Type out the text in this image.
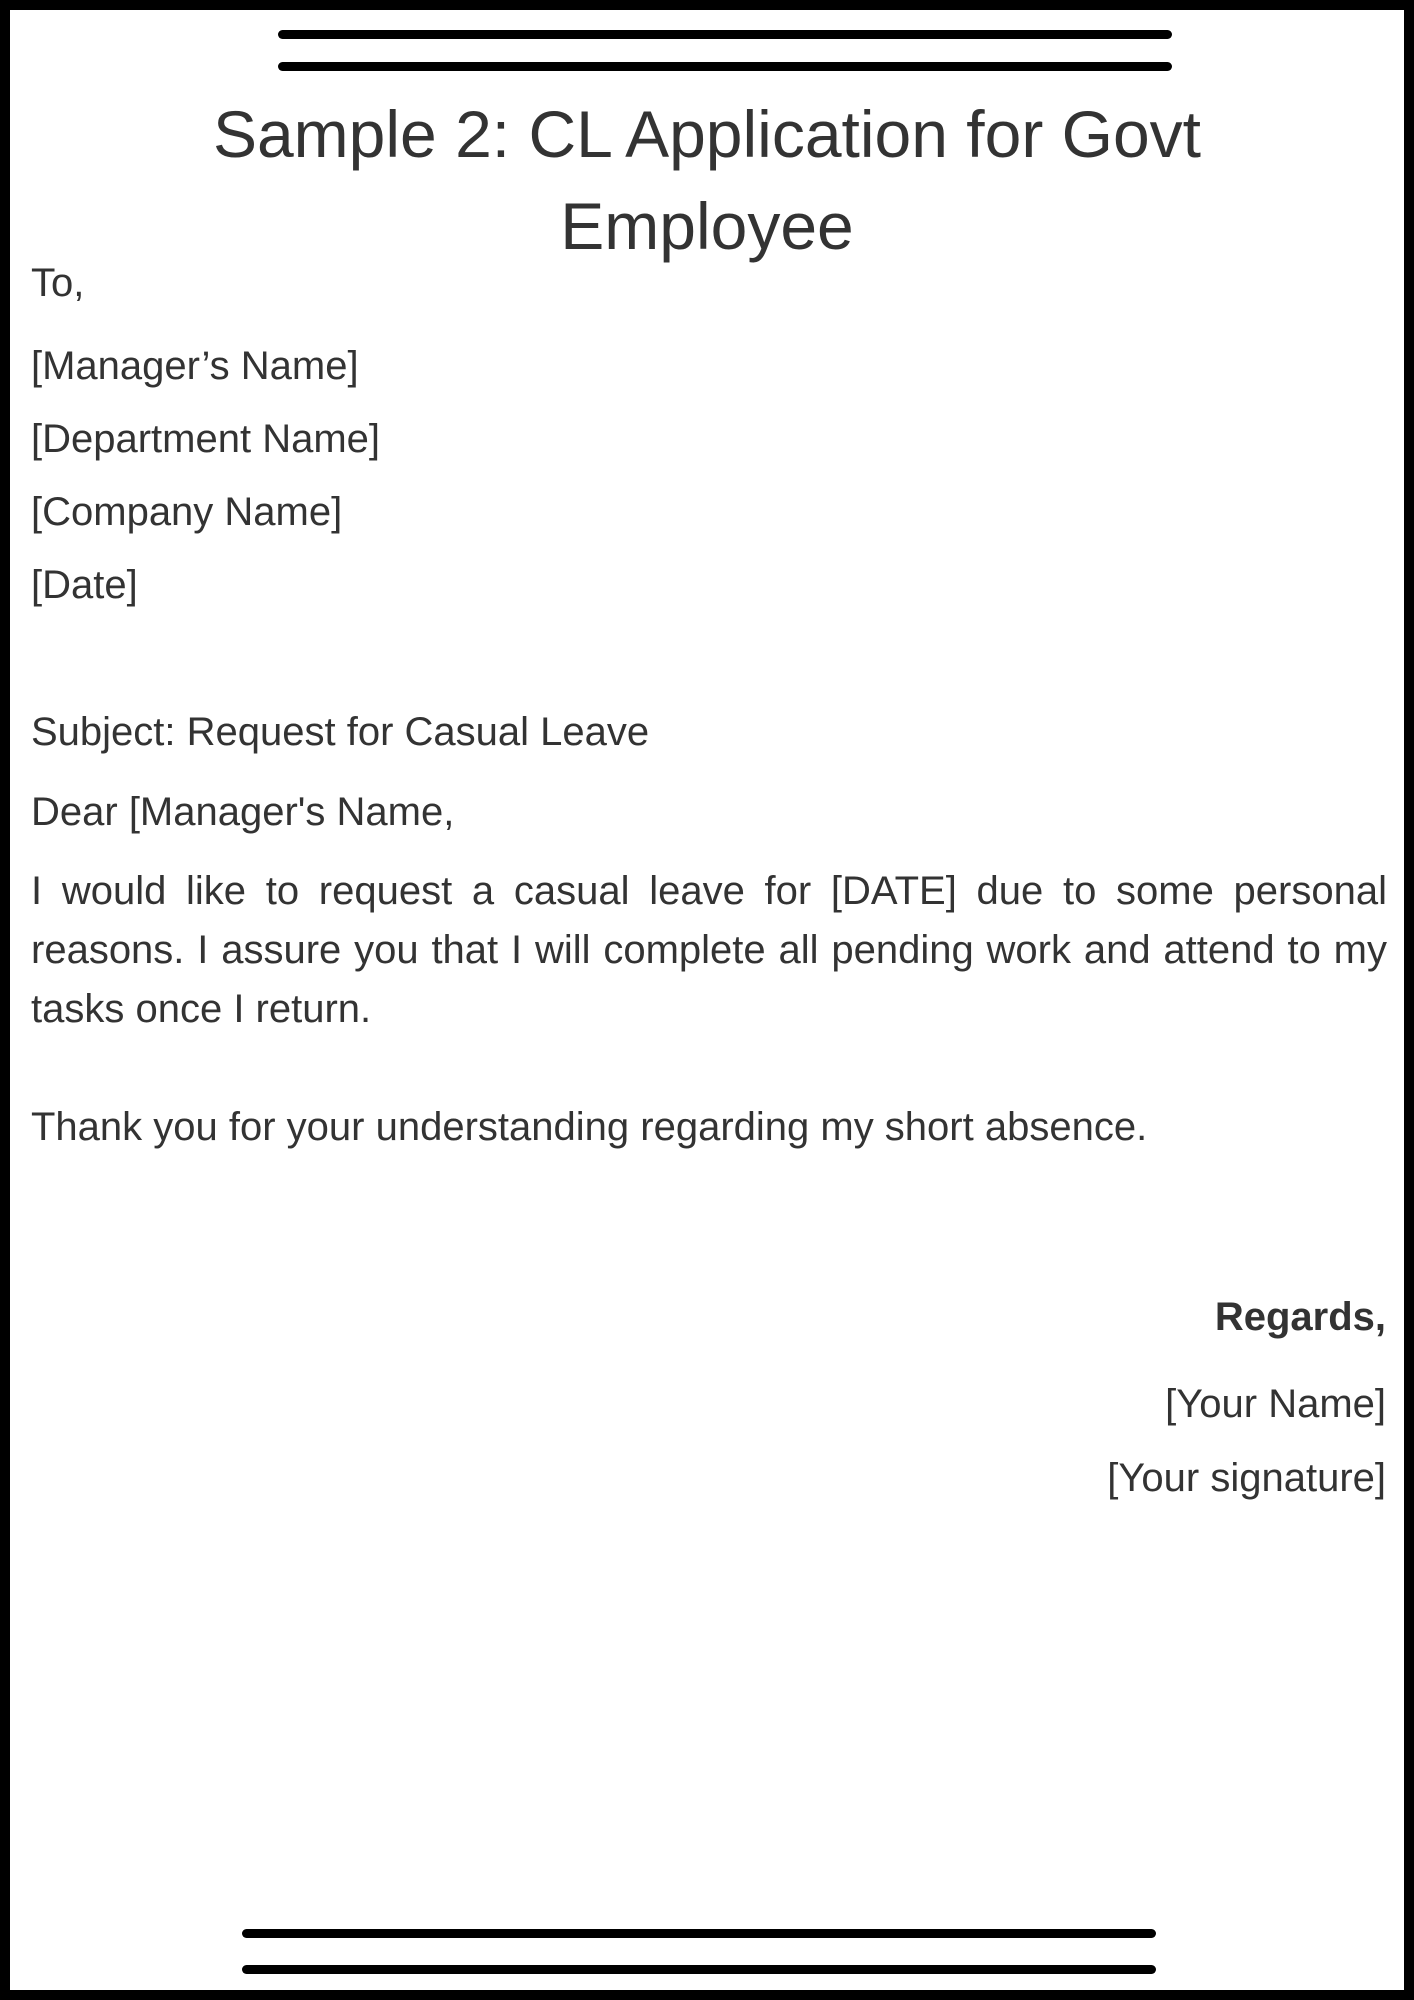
Sample 2: CL Application for Govt Employee
To,
[Manager’s Name]
[Department Name]
[Company Name]
[Date]
Subject: Request for Casual Leave
Dear [Manager's Name,
I would like to request a casual leave for [DATE] due to some personal reasons. I assure you that I will complete all pending work and attend to my tasks once I return.
Thank you for your understanding regarding my short absence.
Regards,
[Your Name]
[Your signature]
